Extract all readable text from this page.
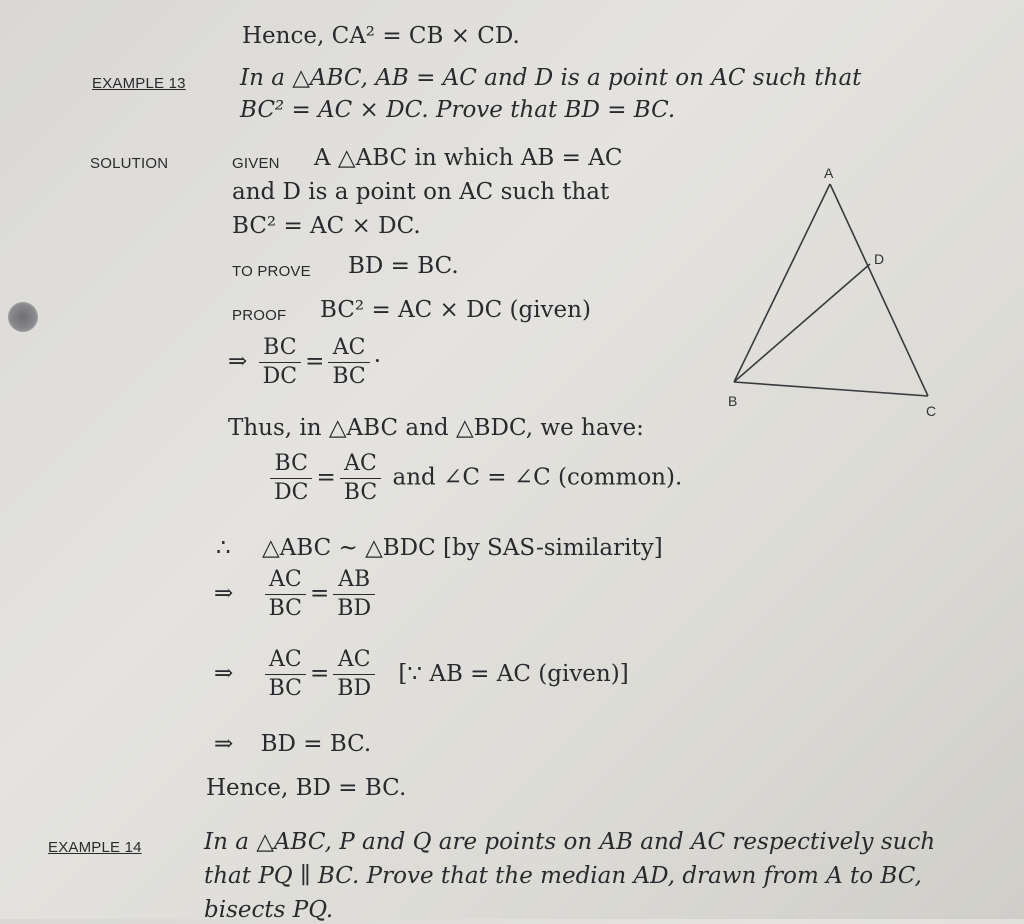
Hence, CA² = CB × CD.
EXAMPLE 13 In a △ABC, AB = AC and D is a point on AC such that
BC² = AC × DC. Prove that BD = BC.
SOLUTION	GIVEN A △ABC in which AB = AC
and D is a point on AC such that
BC² = AC × DC.
TO PROVE BD = BC.
PROOF BC² = AC × DC (given)
⇒ $\frac{BC}{DC} = \frac{AC}{BC}$ ·
Thus, in △ABC and △BDC, we have:
$\frac{BC}{DC} = \frac{AC}{BC}$ and ∠C = ∠C (common).
∴ △ABC ~ △BDC [by SAS-similarity]
⇒ $\frac{AC}{BC} = \frac{AB}{BD}$
⇒ $\frac{AC}{BC} = \frac{AC}{BD}$ [∵ AB = AC (given)]
⇒ BD = BC.
Hence, BD = BC.
EXAMPLE 14	In a △ABC, P and Q are points on AB and AC respectively such
that PQ ∥ BC. Prove that the median AD, drawn from A to BC,
bisects PQ.
A
D
B
C
